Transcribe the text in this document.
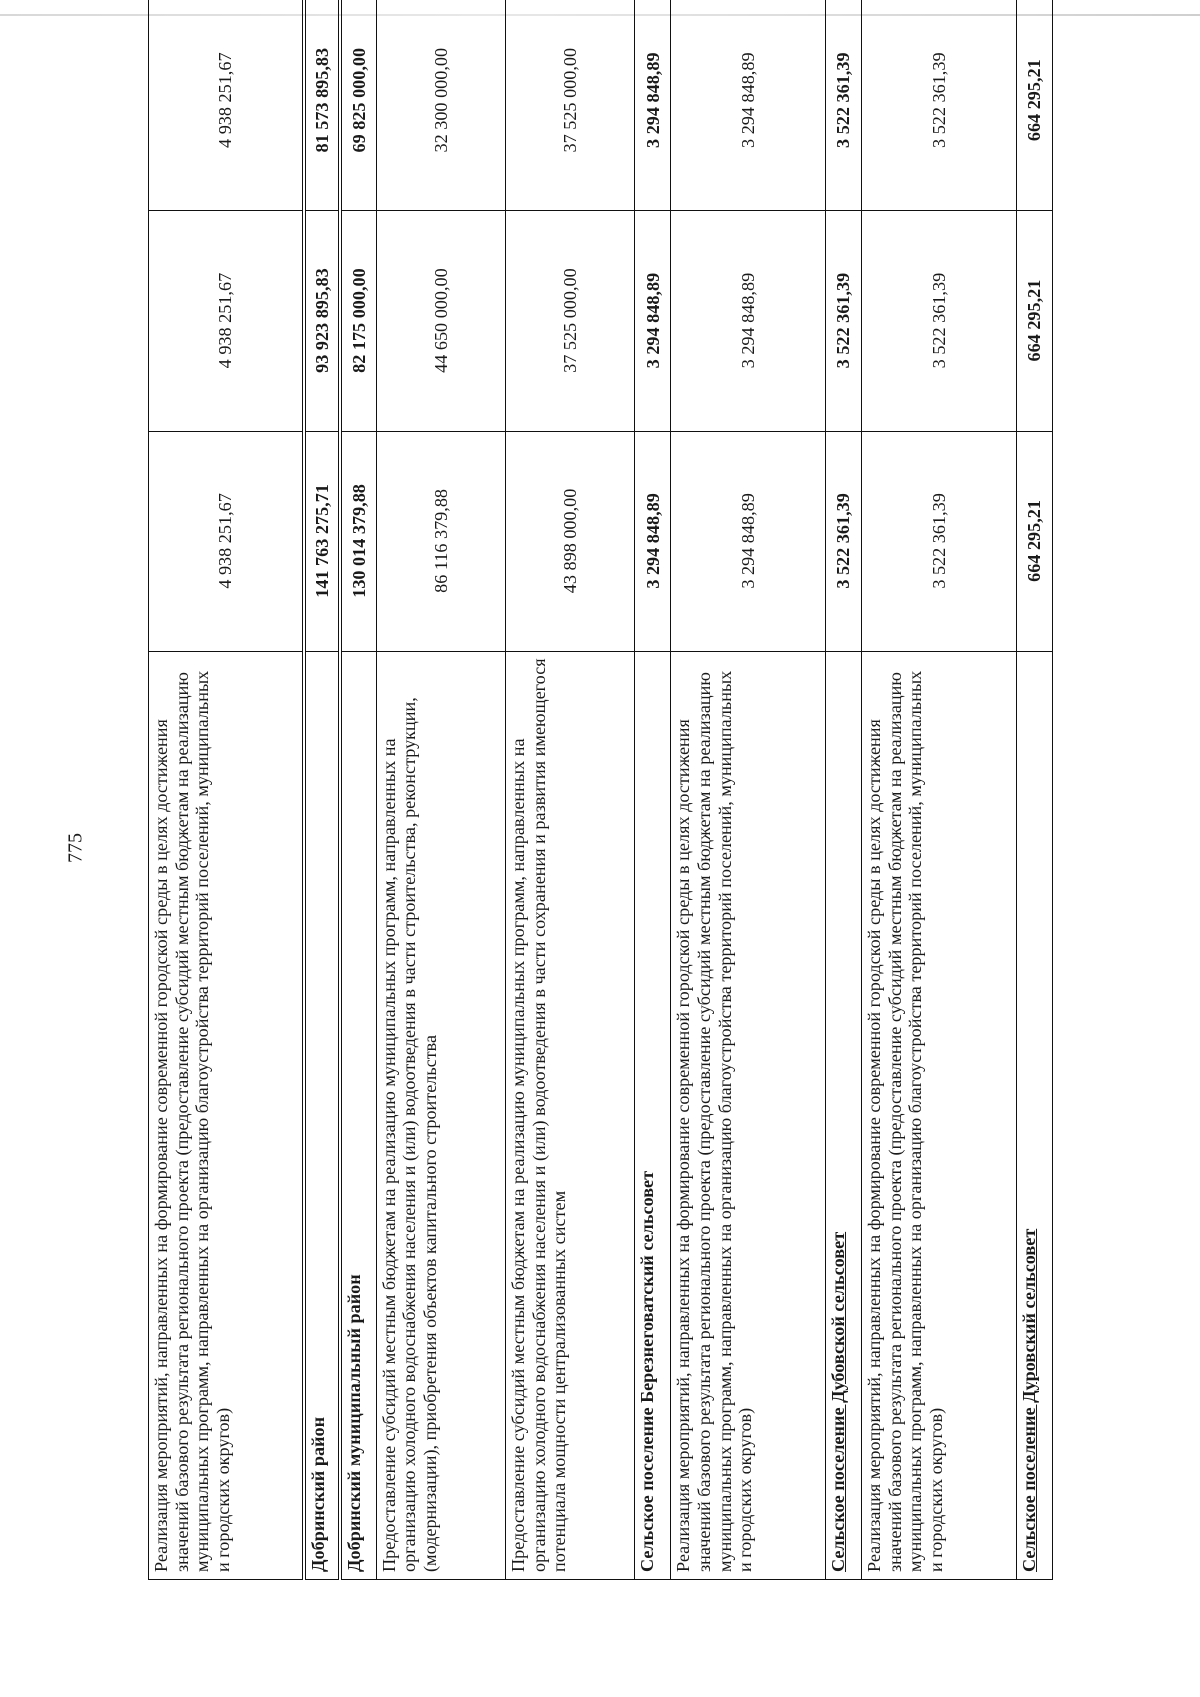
775	Реализация мероприятий, направленных на формирование современной городской среды в целях достижения значений базового результата регионального проекта (предоставление субсидий местным бюджетам на реализацию муниципальных программ, направленных на организацию благоустройства территорий поселений, муниципальных и городских округов)	4 938 251,67	4 938 251,67	4 938 251,67
Добринский район	141 763 275,71	93 923 895,83	81 573 895,83
Добринский муниципальный район	130 014 379,88	82 175 000,00	69 825 000,00
Предоставление субсидий местным бюджетам на реализацию муниципальных программ, направленных на организацию холодного водоснабжения населения и (или) водоотведения в части строительства, реконструкции, (модернизации), приобретения объектов капитального строительства	86 116 379,88	44 650 000,00	32 300 000,00
Предоставление субсидий местным бюджетам на реализацию муниципальных программ, направленных на организацию холодного водоснабжения населения и (или) водоотведения в части сохранения и развития имеющегося потенциала мощности централизованных систем	43 898 000,00	37 525 000,00	37 525 000,00
Сельское поселение Березнеговатский сельсовет	3 294 848,89	3 294 848,89	3 294 848,89
Реализация мероприятий, направленных на формирование современной городской среды в целях достижения значений базового результата регионального проекта (предоставление субсидий местным бюджетам на реализацию муниципальных программ, направленных на организацию благоустройства территорий поселений, муниципальных и городских округов)	3 294 848,89	3 294 848,89	3 294 848,89
Сельское поселение Дубовской сельсовет	3 522 361,39	3 522 361,39	3 522 361,39
Реализация мероприятий, направленных на формирование современной городской среды в целях достижения значений базового результата регионального проекта (предоставление субсидий местным бюджетам на реализацию муниципальных программ, направленных на организацию благоустройства территорий поселений, муниципальных и городских округов)	3 522 361,39	3 522 361,39	3 522 361,39
Сельское поселение Дуровский сельсовет	664 295,21	664 295,21	664 295,21
